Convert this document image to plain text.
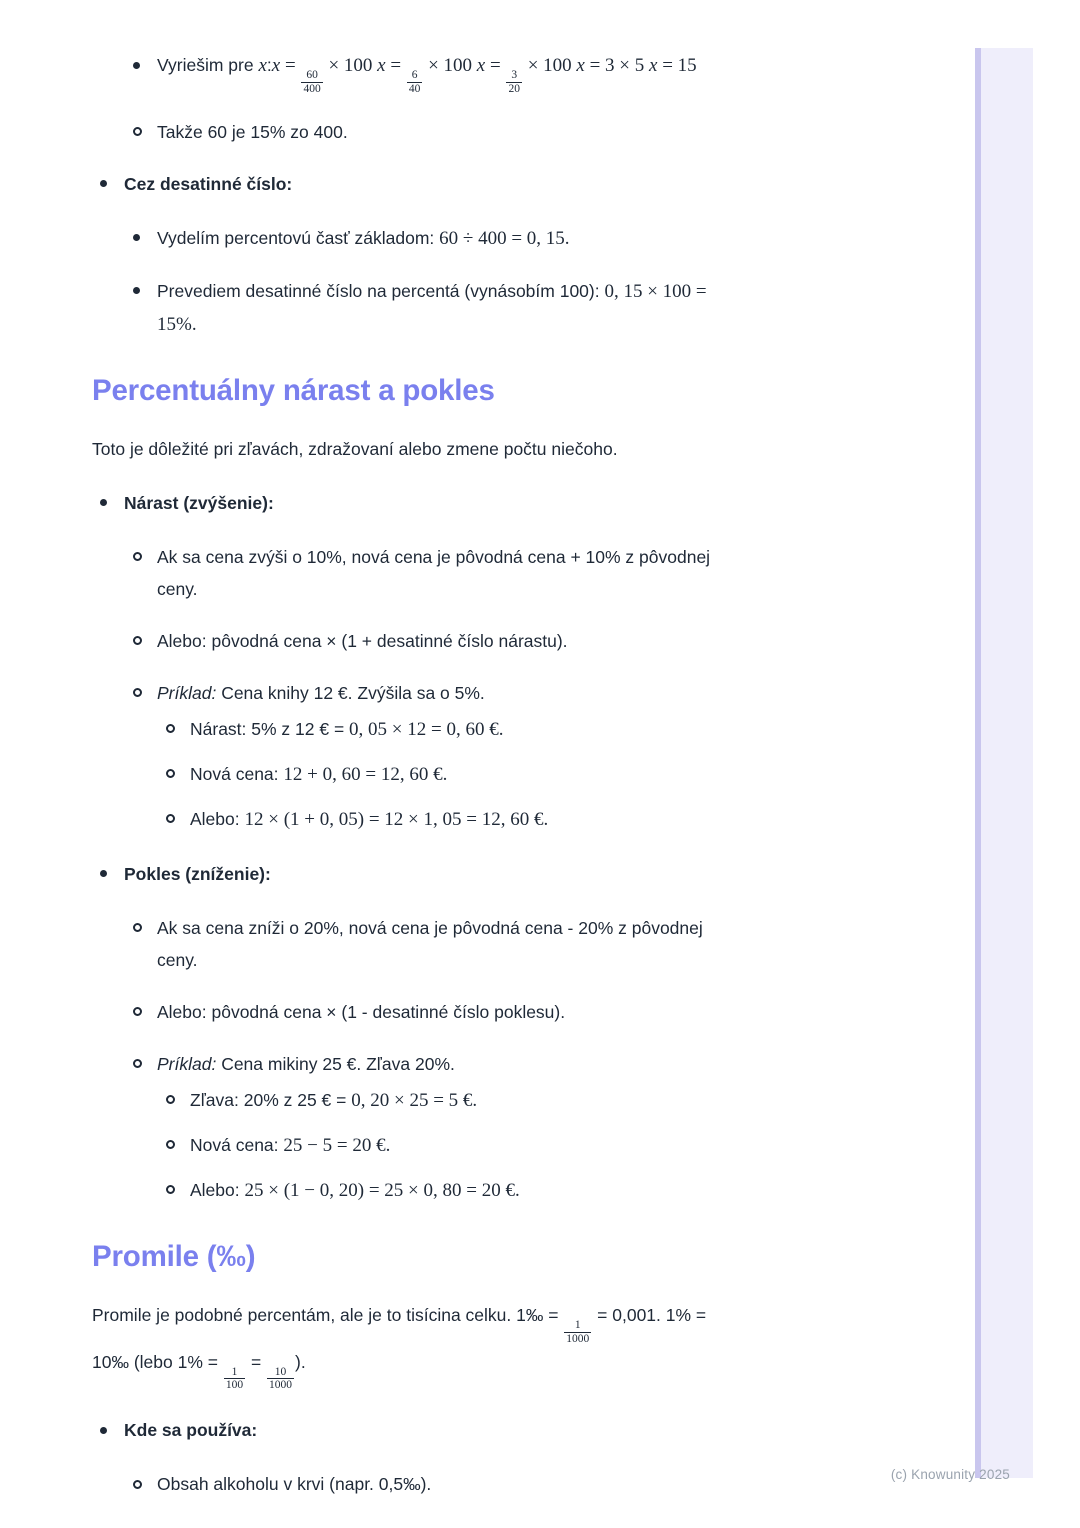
Vyriešim pre x:x =
$\frac{60}{400}$
× 100 x =
$\frac{6}{40}$
× 100 x =
$\frac{3}{20}$
× 100 x = 3 × 5 x = 15
Takže 60 je 15% zo 400.
Cez desatinné číslo:
Vydelím percentovú časť základom: 60 ÷ 400 = 0, 15.
Prevediem desatinné číslo na percentá (vynásobím 100): 0, 15 × 100 =
15%.
Percentuálny nárast a pokles
Toto je dôležité pri zľavách, zdražovaní alebo zmene počtu niečoho.
Nárast (zvýšenie):
Ak sa cena zvýši o 10%, nová cena je pôvodná cena + 10% z pôvodnej
ceny.
Alebo: pôvodná cena × (1 + desatinné číslo nárastu).
Príklad: Cena knihy 12 €. Zvýšila sa o 5%.
Nárast: 5% z 12 € = 0, 05 × 12 = 0, 60 €.
Nová cena: 12 + 0, 60 = 12, 60 €.
Alebo: 12 × (1 + 0, 05) = 12 × 1, 05 = 12, 60 €.
Pokles (zníženie):
Ak sa cena zníži o 20%, nová cena je pôvodná cena - 20% z pôvodnej
ceny.
Alebo: pôvodná cena × (1 - desatinné číslo poklesu).
Príklad: Cena mikiny 25 €. Zľava 20%.
Zľava: 20% z 25 € = 0, 20 × 25 = 5 €.
Nová cena: 25 − 5 = 20 €.
Alebo: 25 × (1 − 0, 20) = 25 × 0, 80 = 20 €.
Promile (‰)
Promile je podobné percentám, ale je to tisícina celku. 1‰ =
$\frac{1}{1000}$
= 0,001. 1% =
10‰ (lebo 1% =
$\frac{1}{100}$
=
$\frac{10}{1000}$
).
Kde sa používa:
Obsah alkoholu v krvi (napr. 0,5‰).	(c) Knowunity 2025
